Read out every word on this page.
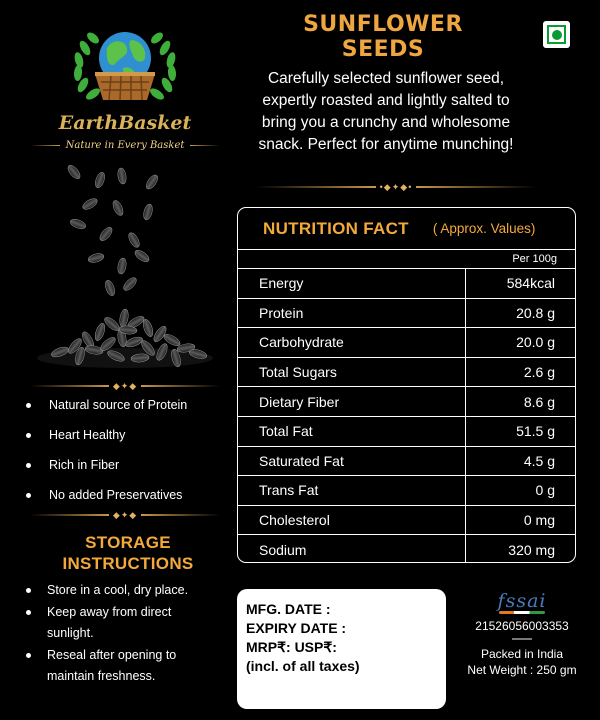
EarthBasket
Nature in Every Basket
◆✦◆
Natural source of Protein
Heart Healthy
Rich in Fiber
No added Preservatives
◆✦◆
STORAGE
INSTRUCTIONS
Store in a cool, dry place.
Keep away from direct sunlight.
Reseal after opening to maintain freshness.
SUNFLOWER
SEEDS
Carefully selected sunflower seed, expertly roasted and lightly salted to bring you a crunchy and wholesome snack. Perfect for anytime munching!
•◆✦◆•
NUTRITION FACT ( Approx. Values)
Per 100g
Energy	584kcal
Protein	20.8 g
Carbohydrate	20.0 g
Total Sugars	2.6 g
Dietary Fiber	8.6 g
Total Fat	51.5 g
Saturated Fat	4.5 g
Trans Fat	0 g
Cholesterol	0 mg
Sodium	320 mg
MFG. DATE :
EXPIRY DATE :
MRP₹: USP₹:
(incl. of all taxes)
fssai
21526056003353
Packed in India
Net Weight : 250 gm
